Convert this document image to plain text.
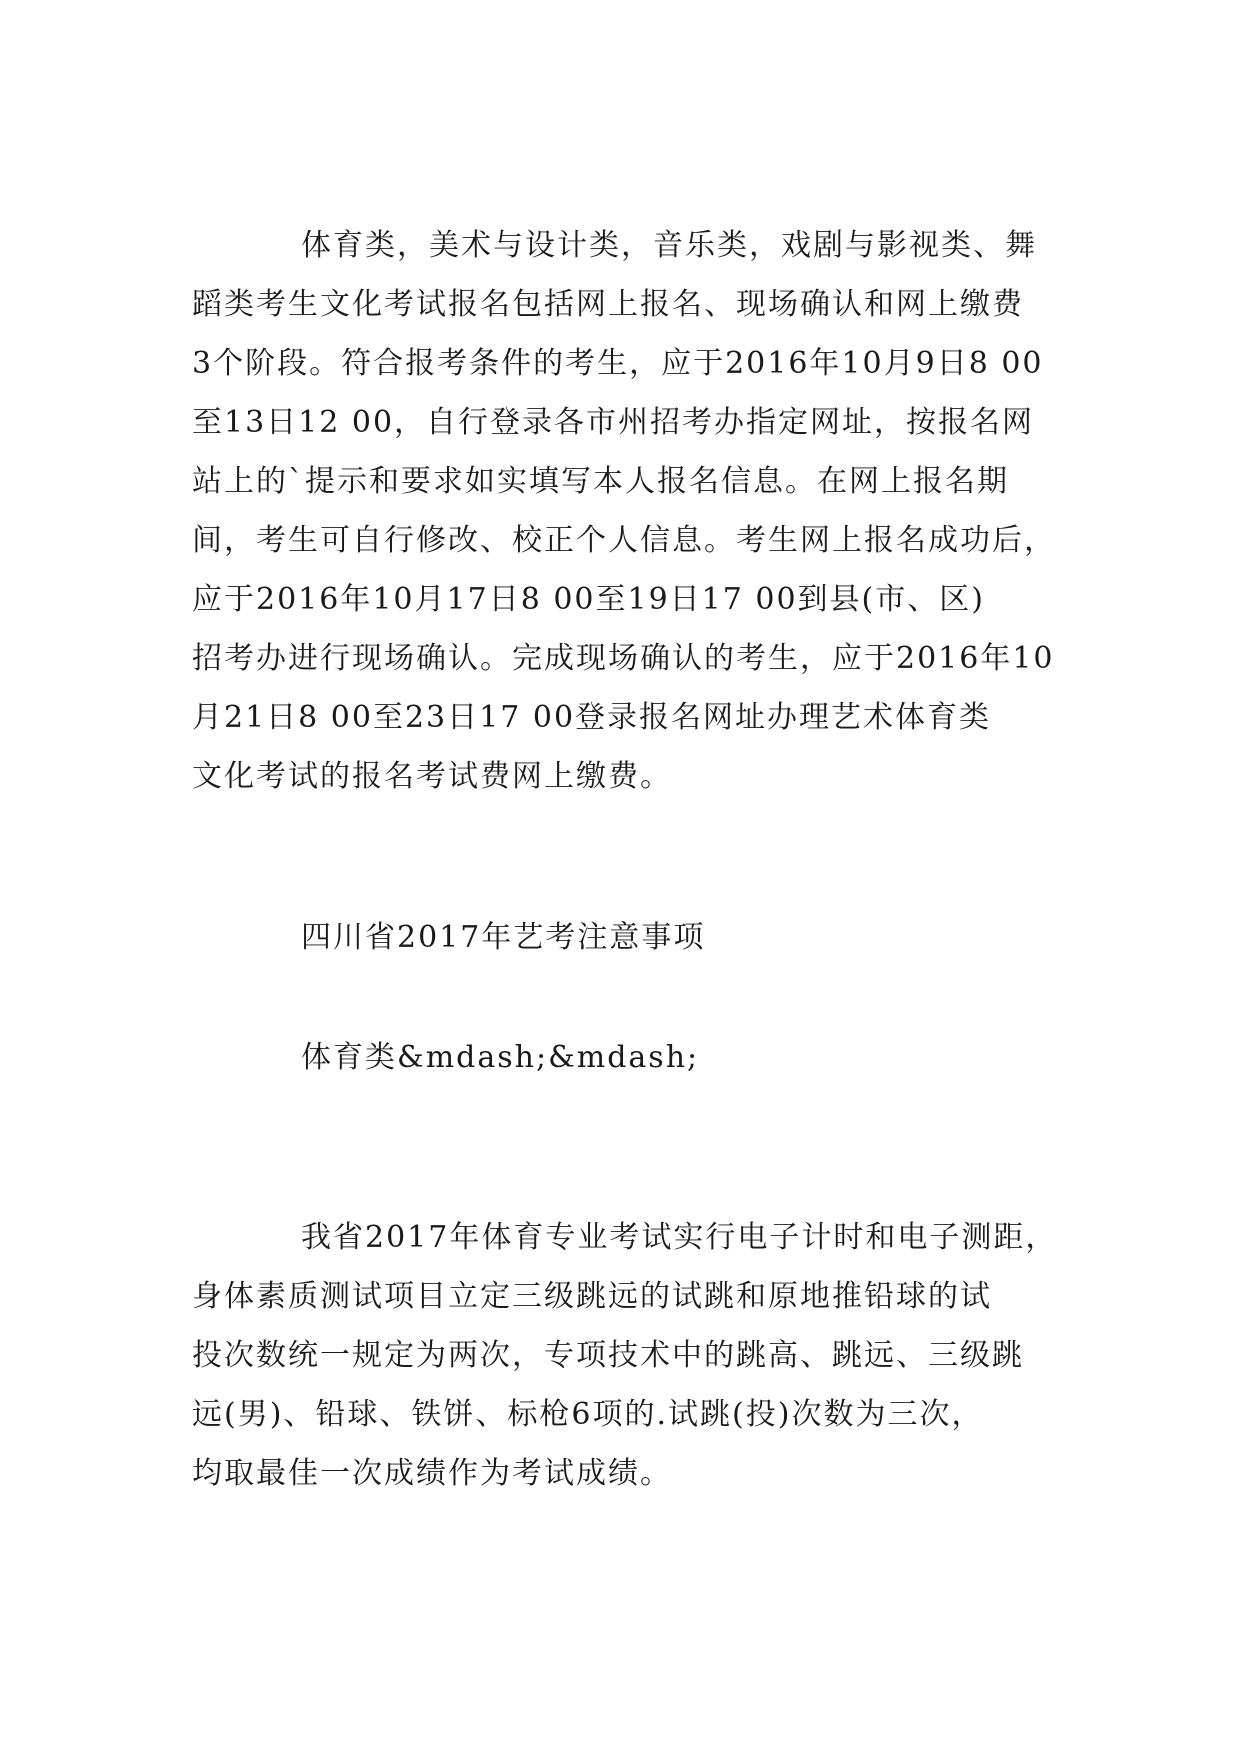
体育类，美术与设计类，音乐类，戏剧与影视类、舞

蹈类考生文化考试报名包括网上报名、现场确认和网上缴费

3个阶段。符合报考条件的考生，应于2016年10月9日8 00

至13日12 00，自行登录各市州招考办指定网址，按报名网

站上的`提示和要求如实填写本人报名信息。在网上报名期

间，考生可自行修改、校正个人信息。考生网上报名成功后，

应于2016年10月17日8 00至19日17 00到县(市、区)

招考办进行现场确认。完成现场确认的考生，应于2016年10

月21日8 00至23日17 00登录报名网址办理艺术体育类

文化考试的报名考试费网上缴费。

四川省2017年艺考注意事项
体育类&mdash;&mdash;

我省2017年体育专业考试实行电子计时和电子测距，

身体素质测试项目立定三级跳远的试跳和原地推铅球的试

投次数统一规定为两次，专项技术中的跳高、跳远、三级跳

远(男)、铅球、铁饼、标枪6项的.试跳(投)次数为三次，

均取最佳一次成绩作为考试成绩。
